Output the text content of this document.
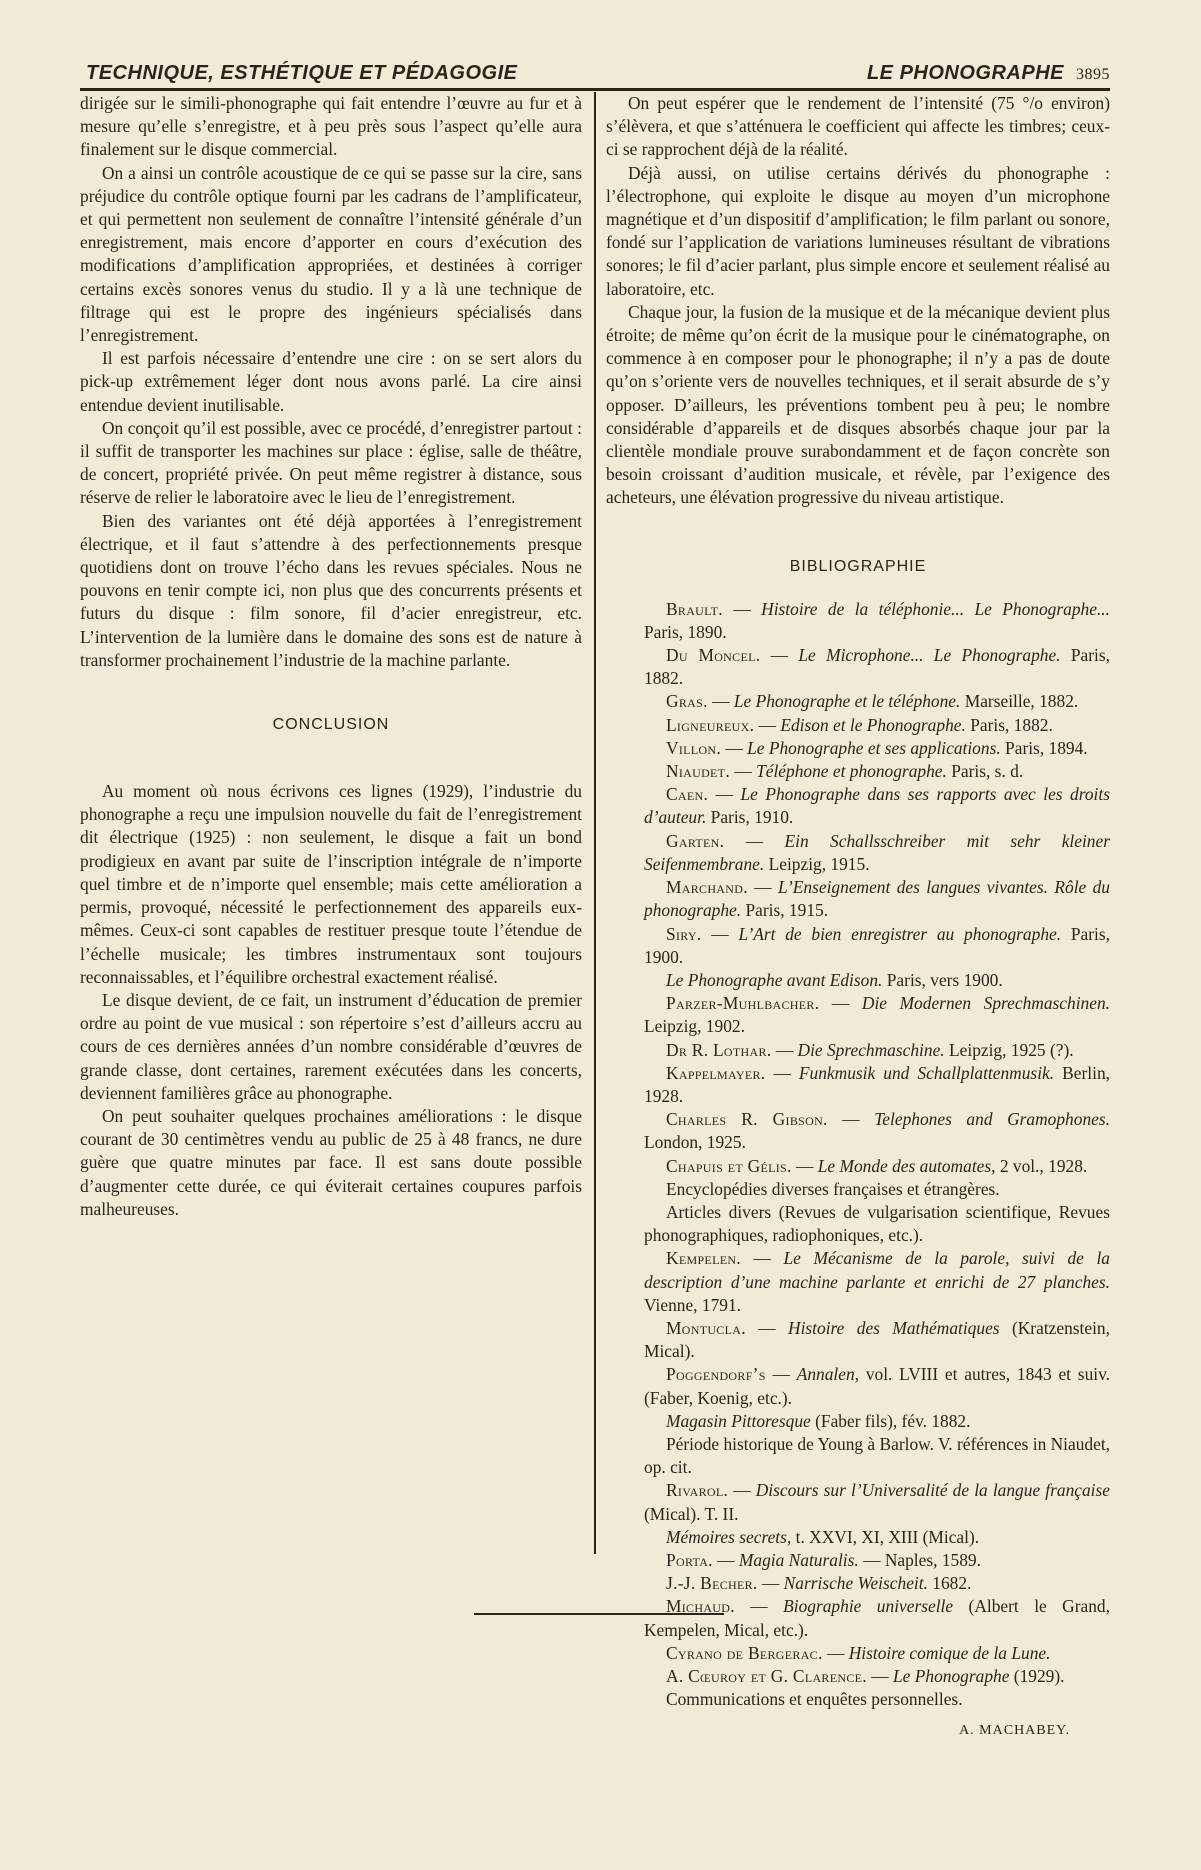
TECHNIQUE, ESTHÉTIQUE ET PÉDAGOGIE	LE PHONOGRAPHE 3895

dirigée sur le simili-phonographe qui fait entendre l’œuvre au fur et à mesure qu’elle s’enregistre, et à peu près sous l’aspect qu’elle aura finalement sur le disque commercial.

On a ainsi un contrôle acoustique de ce qui se passe sur la cire, sans préjudice du contrôle optique fourni par les cadrans de l’amplificateur, et qui permettent non seulement de connaître l’intensité générale d’un enregistrement, mais encore d’apporter en cours d’exécution des modifications d’amplification appropriées, et destinées à corriger certains excès sonores venus du studio. Il y a là une technique de filtrage qui est le propre des ingénieurs spécialisés dans l’enregistrement.

Il est parfois nécessaire d’entendre une cire : on se sert alors du pick-up extrêmement léger dont nous avons parlé. La cire ainsi entendue devient inutilisable.

On conçoit qu’il est possible, avec ce procédé, d’enregistrer partout : il suffit de transporter les machines sur place : église, salle de théâtre, de concert, propriété privée. On peut même registrer à distance, sous réserve de relier le laboratoire avec le lieu de l’enregistrement.

Bien des variantes ont été déjà apportées à l’enregistrement électrique, et il faut s’attendre à des perfectionnements presque quotidiens dont on trouve l’écho dans les revues spéciales. Nous ne pouvons en tenir compte ici, non plus que des concurrents présents et futurs du disque : film sonore, fil d’acier enregistreur, etc. L’intervention de la lumière dans le domaine des sons est de nature à transformer prochainement l’industrie de la machine parlante.

CONCLUSION

Au moment où nous écrivons ces lignes (1929), l’industrie du phonographe a reçu une impulsion nouvelle du fait de l’enregistrement dit électrique (1925) : non seulement, le disque a fait un bond prodigieux en avant par suite de l’inscription intégrale de n’importe quel timbre et de n’importe quel ensemble; mais cette amélioration a permis, provoqué, nécessité le perfectionnement des appareils eux-mêmes. Ceux-ci sont capables de restituer presque toute l’étendue de l’échelle musicale; les timbres instrumentaux sont toujours reconnaissables, et l’équilibre orchestral exactement réalisé.

Le disque devient, de ce fait, un instrument d’éducation de premier ordre au point de vue musical : son répertoire s’est d’ailleurs accru au cours de ces dernières années d’un nombre considérable d’œuvres de grande classe, dont certaines, rarement exécutées dans les concerts, deviennent familières grâce au phonographe.

On peut souhaiter quelques prochaines améliorations : le disque courant de 30 centimètres vendu au public de 25 à 48 francs, ne dure guère que quatre minutes par face. Il est sans doute possible d’augmenter cette durée, ce qui éviterait certaines coupures parfois malheureuses.

On peut espérer que le rendement de l’intensité (75 °/o environ) s’élèvera, et que s’atténuera le coefficient qui affecte les timbres; ceux-ci se rapprochent déjà de la réalité.

Déjà aussi, on utilise certains dérivés du phonographe : l’électrophone, qui exploite le disque au moyen d’un microphone magnétique et d’un dispositif d’amplification; le film parlant ou sonore, fondé sur l’application de variations lumineuses résultant de vibrations sonores; le fil d’acier parlant, plus simple encore et seulement réalisé au laboratoire, etc.

Chaque jour, la fusion de la musique et de la mécanique devient plus étroite; de même qu’on écrit de la musique pour le cinématographe, on commence à en composer pour le phonographe; il n’y a pas de doute qu’on s’oriente vers de nouvelles techniques, et il serait absurde de s’y opposer. D’ailleurs, les préventions tombent peu à peu; le nombre considérable d’appareils et de disques absorbés chaque jour par la clientèle mondiale prouve surabondamment et de façon concrète son besoin croissant d’audition musicale, et révèle, par l’exigence des acheteurs, une élévation progressive du niveau artistique.

BIBLIOGRAPHIE

Brault. — Histoire de la téléphonie... Le Phonographe... Paris, 1890.

Du Moncel. — Le Microphone... Le Phonographe. Paris, 1882.

Gras. — Le Phonographe et le téléphone. Marseille, 1882.

Ligneureux. — Edison et le Phonographe. Paris, 1882.

Villon. — Le Phonographe et ses applications. Paris, 1894.

Niaudet. — Téléphone et phonographe. Paris, s. d.

Caen. — Le Phonographe dans ses rapports avec les droits d’auteur. Paris, 1910.

Garten. — Ein Schallsschreiber mit sehr kleiner Seifenmembrane. Leipzig, 1915.

Marchand. — L’Enseignement des langues vivantes. Rôle du phonographe. Paris, 1915.

Siry. — L’Art de bien enregistrer au phonographe. Paris, 1900.

Le Phonographe avant Edison. Paris, vers 1900.

Parzer-Muhlbacher. — Die Modernen Sprechmaschinen. Leipzig, 1902.

Dr R. Lothar. — Die Sprechmaschine. Leipzig, 1925 (?).

Kappelmayer. — Funkmusik und Schallplattenmusik. Berlin, 1928.

Charles R. Gibson. — Telephones and Gramophones. London, 1925.

Chapuis et Gélis. — Le Monde des automates, 2 vol., 1928.

Encyclopédies diverses françaises et étrangères.

Articles divers (Revues de vulgarisation scientifique, Revues phonographiques, radiophoniques, etc.).

Kempelen. — Le Mécanisme de la parole, suivi de la description d’une machine parlante et enrichi de 27 planches. Vienne, 1791.

Montucla. — Histoire des Mathématiques (Kratzenstein, Mical).

Poggendorf’s — Annalen, vol. LVIII et autres, 1843 et suiv. (Faber, Koenig, etc.).

Magasin Pittoresque (Faber fils), fév. 1882.

Période historique de Young à Barlow. V. références in Niaudet, op. cit.

Rivarol. — Discours sur l’Universalité de la langue française (Mical). T. II.

Mémoires secrets, t. XXVI, XI, XIII (Mical).

Porta. — Magia Naturalis. — Naples, 1589.

J.-J. Becher. — Narrische Weischeit. 1682.

Michaud. — Biographie universelle (Albert le Grand, Kempelen, Mical, etc.).

Cyrano de Bergerac. — Histoire comique de la Lune.

A. Cœuroy et G. Clarence. — Le Phonographe (1929).

Communications et enquêtes personnelles.

A. MACHABEY.
